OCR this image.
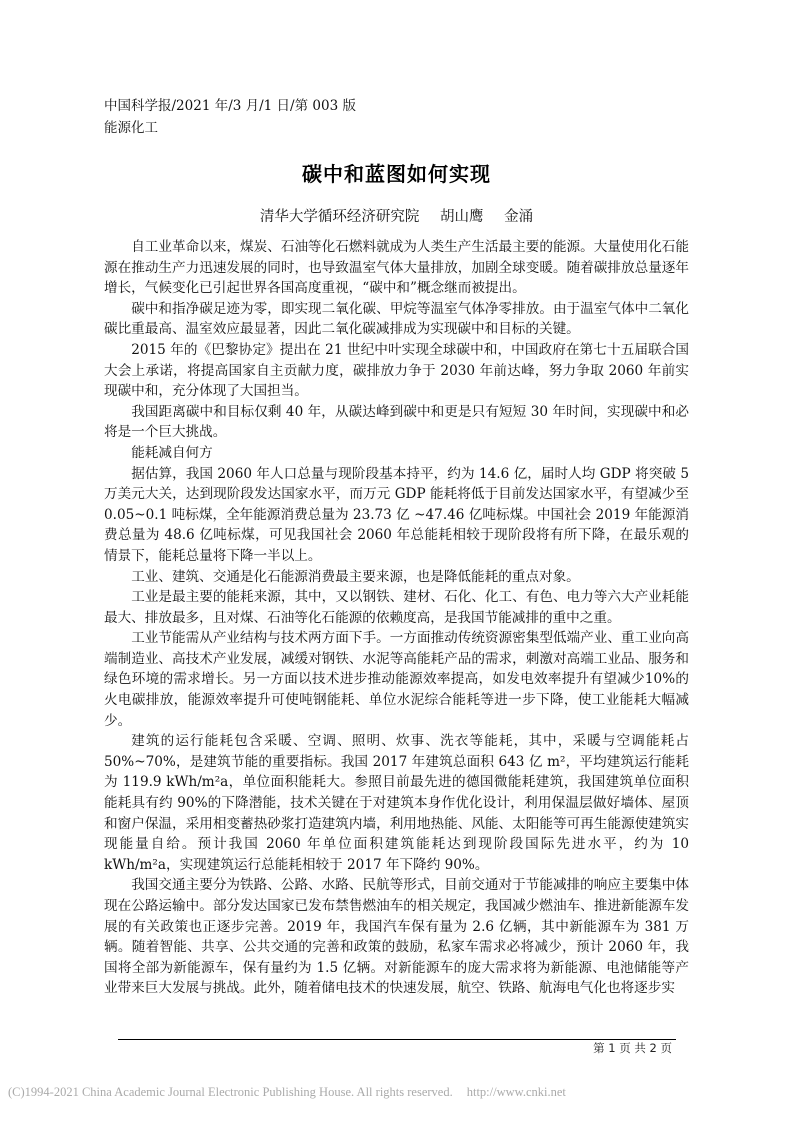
中国科学报/2021 年/3 月/1 日/第 003 版
能源化工
碳中和蓝图如何实现
清华大学循环经济研究院 胡山鹰 金涌

自工业革命以来，煤炭、石油等化石燃料就成为人类生产生活最主要的能源。大量使用化石能源在推动生产力迅速发展的同时，也导致温室气体大量排放，加剧全球变暖。随着碳排放总量逐年增长，气候变化已引起世界各国高度重视，“碳中和”概念继而被提出。

碳中和指净碳足迹为零，即实现二氧化碳、甲烷等温室气体净零排放。由于温室气体中二氧化碳比重最高、温室效应最显著，因此二氧化碳减排成为实现碳中和目标的关键。

2015 年的《巴黎协定》提出在 21 世纪中叶实现全球碳中和，中国政府在第七十五届联合国大会上承诺，将提高国家自主贡献力度，碳排放力争于 2030 年前达峰，努力争取 2060 年前实现碳中和，充分体现了大国担当。

我国距离碳中和目标仅剩 40 年，从碳达峰到碳中和更是只有短短 30 年时间，实现碳中和必将是一个巨大挑战。

能耗减自何方

据估算，我国 2060 年人口总量与现阶段基本持平，约为 14.6 亿，届时人均 GDP 将突破 5 万美元大关，达到现阶段发达国家水平，而万元 GDP 能耗将低于目前发达国家水平，有望减少至 0.05~0.1 吨标煤，全年能源消费总量为 23.73 亿 ~47.46 亿吨标煤。中国社会 2019 年能源消费总量为 48.6 亿吨标煤，可见我国社会 2060 年总能耗相较于现阶段将有所下降，在最乐观的情景下，能耗总量将下降一半以上。

工业、建筑、交通是化石能源消费最主要来源，也是降低能耗的重点对象。

工业是最主要的能耗来源，其中，又以钢铁、建材、石化、化工、有色、电力等六大产业耗能最大、排放最多，且对煤、石油等化石能源的依赖度高，是我国节能减排的重中之重。

工业节能需从产业结构与技术两方面下手。一方面推动传统资源密集型低端产业、重工业向高端制造业、高技术产业发展，减缓对钢铁、水泥等高能耗产品的需求，刺激对高端工业品、服务和绿色环境的需求增长。另一方面以技术进步推动能源效率提高，如发电效率提升有望减少10%的火电碳排放，能源效率提升可使吨钢能耗、单位水泥综合能耗等进一步下降，使工业能耗大幅减少。

建筑的运行能耗包含采暖、空调、照明、炊事、洗衣等能耗，其中，采暖与空调能耗占 50%~70%，是建筑节能的重要指标。我国 2017 年建筑总面积 643 亿 m²，平均建筑运行能耗为 119.9 kWh/m²a，单位面积能耗大。参照目前最先进的德国微能耗建筑，我国建筑单位面积能耗具有约 90%的下降潜能，技术关键在于对建筑本身作优化设计，利用保温层做好墙体、屋顶和窗户保温，采用相变蓄热砂浆打造建筑内墙，利用地热能、风能、太阳能等可再生能源使建筑实现能量自给。预计我国 2060 年单位面积建筑能耗达到现阶段国际先进水平，约为 10 kWh/m²a，实现建筑运行总能耗相较于 2017 年下降约 90%。

我国交通主要分为铁路、公路、水路、民航等形式，目前交通对于节能减排的响应主要集中体现在公路运输中。部分发达国家已发布禁售燃油车的相关规定，我国减少燃油车、推进新能源车发展的有关政策也正逐步完善。2019 年，我国汽车保有量为 2.6 亿辆，其中新能源车为 381 万辆。随着智能、共享、公共交通的完善和政策的鼓励，私家车需求必将减少，预计 2060 年，我国将全部为新能源车，保有量约为 1.5 亿辆。对新能源车的庞大需求将为新能源、电池储能等产业带来巨大发展与挑战。此外，随着储电技术的快速发展，航空、铁路、航海电气化也将逐步实

第 1 页 共 2 页
(C)1994-2021 China Academic Journal Electronic Publishing House. All rights reserved. http://www.cnki.net
